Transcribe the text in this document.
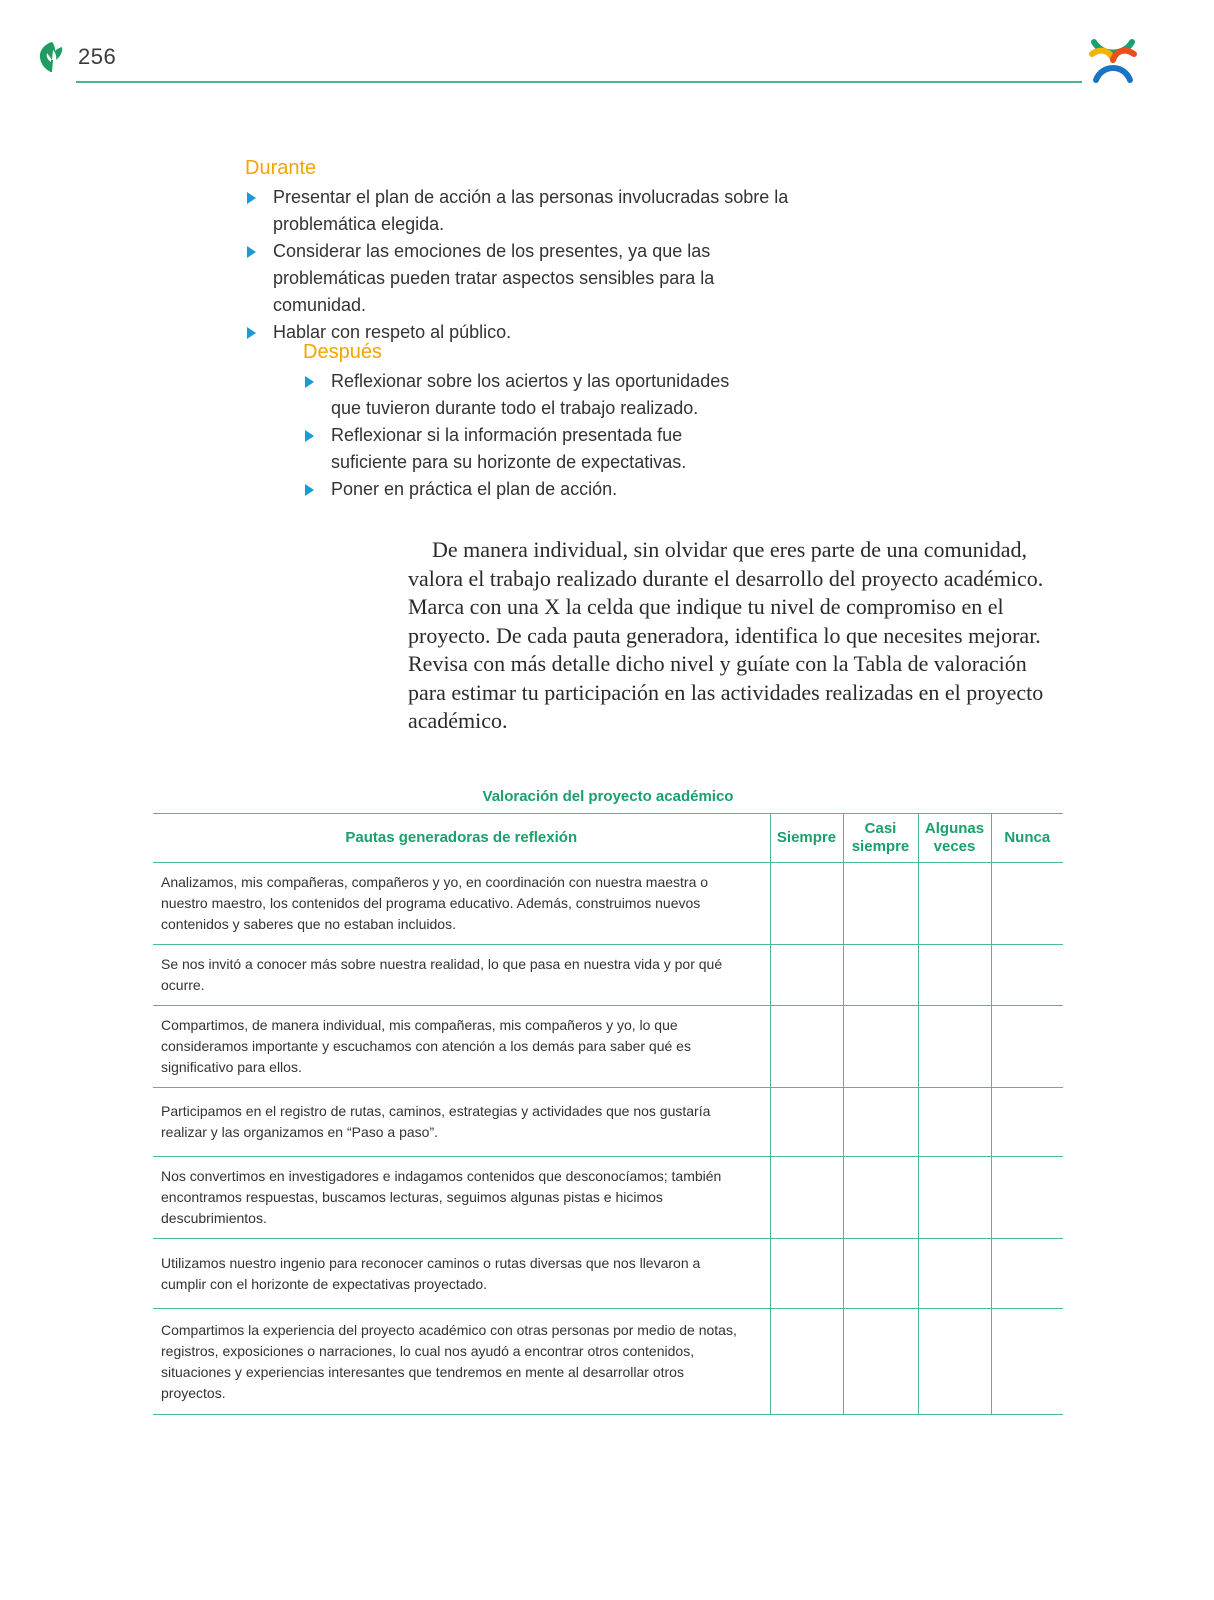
256
Durante
Presentar el plan de acción a las personas involucradas sobre la problemática elegida.
Considerar las emociones de los presentes, ya que las problemáticas pueden tratar aspectos sensibles para la comunidad.
Hablar con respeto al público.
Después
Reflexionar sobre los aciertos y las oportunidades que tuvieron durante todo el trabajo realizado.
Reflexionar si la información presentada fue suficiente para su horizonte de expectativas.
Poner en práctica el plan de acción.

De manera individual, sin olvidar que eres parte de una comunidad, valora el trabajo realizado durante el desarrollo del proyecto académico. Marca con una X la celda que indique tu nivel de compromiso en el proyecto. De cada pauta generadora, identifica lo que necesites mejorar. Revisa con más detalle dicho nivel y guíate con la Tabla de valoración para estimar tu participación en las actividades realizadas en el proyecto académico.

Valoración del proyecto académico
Pautas generadoras de reflexión	Siempre	Casi siempre	Algunas veces	Nunca
Analizamos, mis compañeras, compañeros y yo, en coordinación con nuestra maestra o nuestro maestro, los contenidos del programa educativo. Además, construimos nuevos contenidos y saberes que no estaban incluidos.				
Se nos invitó a conocer más sobre nuestra realidad, lo que pasa en nuestra vida y por qué ocurre.				
Compartimos, de manera individual, mis compañeras, mis compañeros y yo, lo que consideramos importante y escuchamos con atención a los demás para saber qué es significativo para ellos.				
Participamos en el registro de rutas, caminos, estrategias y actividades que nos gustaría realizar y las organizamos en “Paso a paso”.				
Nos convertimos en investigadores e indagamos contenidos que desconocíamos; también encontramos respuestas, buscamos lecturas, seguimos algunas pistas e hicimos descubrimientos.				
Utilizamos nuestro ingenio para reconocer caminos o rutas diversas que nos llevaron a cumplir con el horizonte de expectativas proyectado.				
Compartimos la experiencia del proyecto académico con otras personas por medio de notas, registros, exposiciones o narraciones, lo cual nos ayudó a encontrar otros contenidos, situaciones y experiencias interesantes que tendremos en mente al desarrollar otros proyectos.				
